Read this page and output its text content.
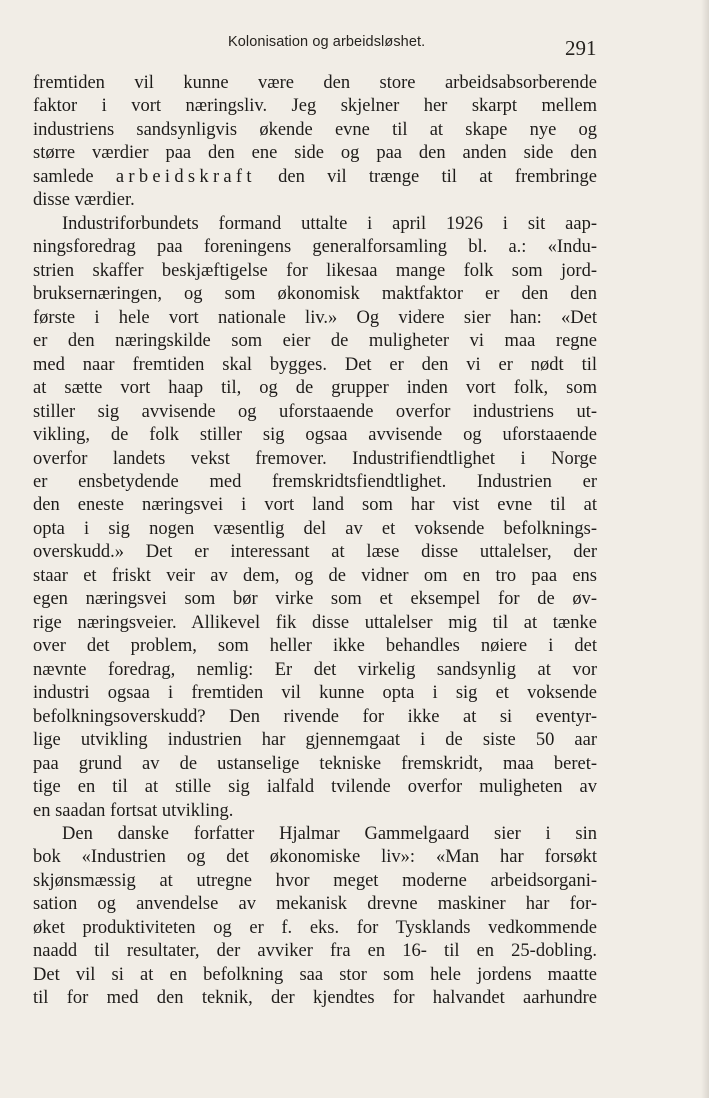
Kolonisation og arbeidsløshet.	291
fremtiden vil kunne være den store arbeidsabsorberende
faktor i vort næringsliv. Jeg skjelner her skarpt mellem
industriens sandsynligvis økende evne til at skape nye og
større værdier paa den ene side og paa den anden side den
samlede arbeidskraft den vil trænge til at frembringe
disse værdier.
Industriforbundets formand uttalte i april 1926 i sit aap-
ningsforedrag paa foreningens generalforsamling bl. a.: «Indu-
strien skaffer beskjæftigelse for likesaa mange folk som jord-
bruksernæringen, og som økonomisk maktfaktor er den den
første i hele vort nationale liv.» Og videre sier han: «Det
er den næringskilde som eier de muligheter vi maa regne
med naar fremtiden skal bygges. Det er den vi er nødt til
at sætte vort haap til, og de grupper inden vort folk, som
stiller sig avvisende og uforstaaende overfor industriens ut-
vikling, de folk stiller sig ogsaa avvisende og uforstaaende
overfor landets vekst fremover. Industrifiendtlighet i Norge
er ensbetydende med fremskridtsfiendtlighet. Industrien er
den eneste næringsvei i vort land som har vist evne til at
opta i sig nogen væsentlig del av et voksende befolknings-
overskudd.» Det er interessant at læse disse uttalelser, der
staar et friskt veir av dem, og de vidner om en tro paa ens
egen næringsvei som bør virke som et eksempel for de øv-
rige næringsveier. Allikevel fik disse uttalelser mig til at tænke
over det problem, som heller ikke behandles nøiere i det
nævnte foredrag, nemlig: Er det virkelig sandsynlig at vor
industri ogsaa i fremtiden vil kunne opta i sig et voksende
befolkningsoverskudd? Den rivende for ikke at si eventyr-
lige utvikling industrien har gjennemgaat i de siste 50 aar
paa grund av de ustanselige tekniske fremskridt, maa beret-
tige en til at stille sig ialfald tvilende overfor muligheten av
en saadan fortsat utvikling.
Den danske forfatter Hjalmar Gammelgaard sier i sin
bok «Industrien og det økonomiske liv»: «Man har forsøkt
skjønsmæssig at utregne hvor meget moderne arbeidsorgani-
sation og anvendelse av mekanisk drevne maskiner har for-
øket produktiviteten og er f. eks. for Tysklands vedkommende
naadd til resultater, der avviker fra en 16- til en 25-dobling.
Det vil si at en befolkning saa stor som hele jordens maatte
til for med den teknik, der kjendtes for halvandet aarhundre
